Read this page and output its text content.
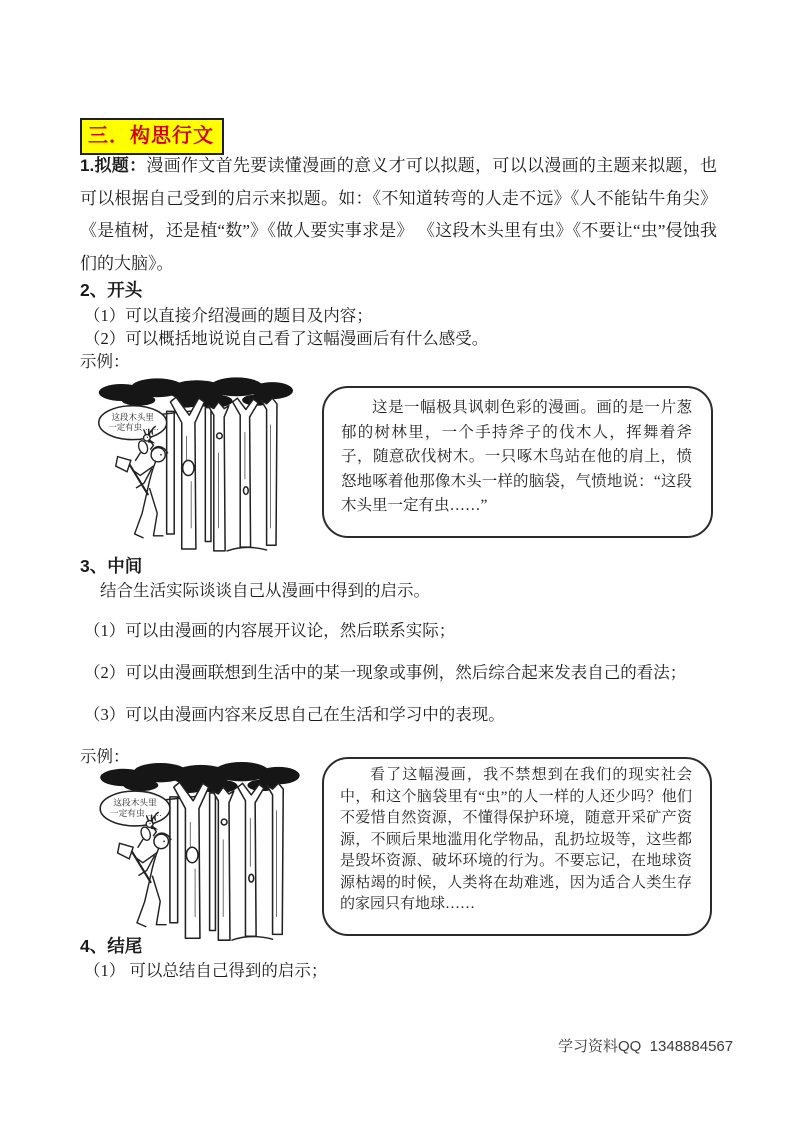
三．构思行文

1.拟题：漫画作文首先要读懂漫画的意义才可以拟题，可以以漫画的主题来拟题，也可以根据自己受到的启示来拟题。如：《不知道转弯的人走不远》《人不能钻牛角尖》《是植树，还是植“数”》《做人要实事求是》 《这段木头里有虫》《不要让“虫”侵蚀我们的大脑》。

2、开头

（1）可以直接介绍漫画的题目及内容；

（2）可以概括地说说自己看了这幅漫画后有什么感受。

示例：

这段木头里
一定有虫……

这是一幅极具讽刺色彩的漫画。画的是一片葱郁的树林里，一个手持斧子的伐木人，挥舞着斧子，随意砍伐树木。一只啄木鸟站在他的肩上，愤怒地啄着他那像木头一样的脑袋，气愤地说：“这段木头里一定有虫……”

3、中间

结合生活实际谈谈自己从漫画中得到的启示。

（1）可以由漫画的内容展开议论，然后联系实际；

（2）可以由漫画联想到生活中的某一现象或事例，然后综合起来发表自己的看法；

（3）可以由漫画内容来反思自己在生活和学习中的表现。

示例：

这段木头里
一定有虫……

看了这幅漫画，我不禁想到在我们的现实社会中，和这个脑袋里有“虫”的人一样的人还少吗？他们不爱惜自然资源，不懂得保护环境，随意开采矿产资源，不顾后果地滥用化学物品，乱扔垃圾等，这些都是毁坏资源、破坏环境的行为。不要忘记，在地球资源枯竭的时候，人类将在劫难逃，因为适合人类生存的家园只有地球……

4、结尾

（1） 可以总结自己得到的启示；

学习资料QQ  1348884567
